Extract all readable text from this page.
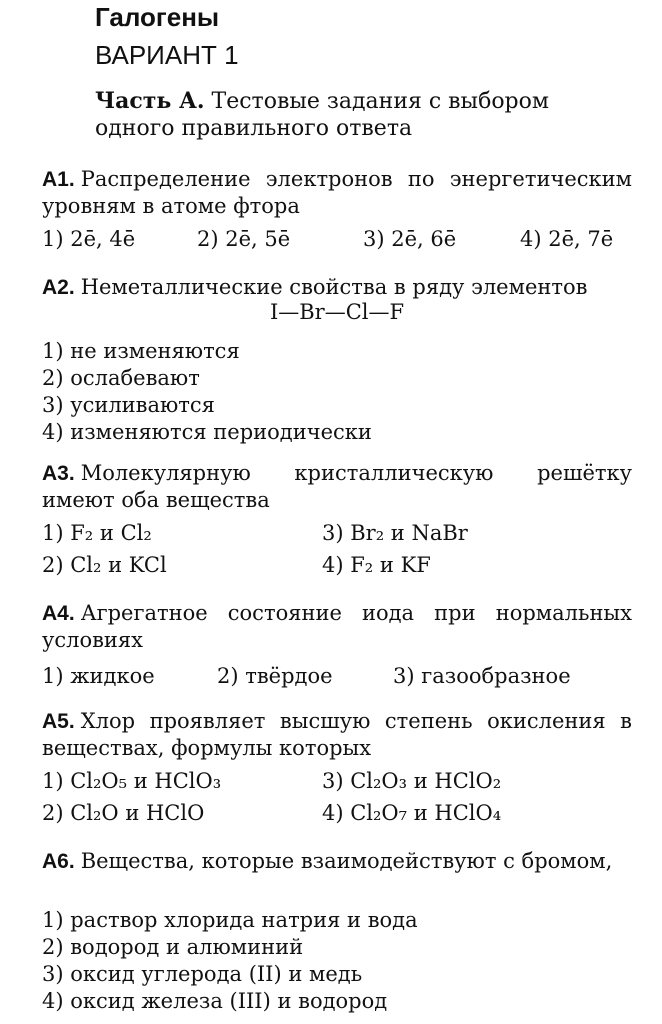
Галогены
ВАРИАНТ 1
Часть А. Тестовые задания с выбором одного правильного ответа
А1. Распределение электронов по энергетическим уровням в атоме фтора
1) 2ē, 4ē	2) 2ē, 5ē	3) 2ē, 6ē	4) 2ē, 7ē
А2. Неметаллические свойства в ряду элементов
I—Br—Cl—F
1) не изменяются
2) ослабевают
3) усиливаются
4) изменяются периодически
А3. Молекулярную кристаллическую решётку имеют оба вещества
1) F₂ и Cl₂	3) Br₂ и NaBr
2) Cl₂ и KCl	4) F₂ и KF
А4. Агрегатное состояние иода при нормальных условиях
1) жидкое	2) твёрдое	3) газообразное
А5. Хлор проявляет высшую степень окисления в веществах, формулы которых
1) Cl₂O₅ и HClO₃	3) Cl₂O₃ и HClO₂
2) Cl₂O и HClO	4) Cl₂O₇ и HClO₄
А6. Вещества, которые взаимодействуют с бромом,
1) раствор хлорида натрия и вода
2) водород и алюминий
3) оксид углерода (II) и медь
4) оксид железа (III) и водород
